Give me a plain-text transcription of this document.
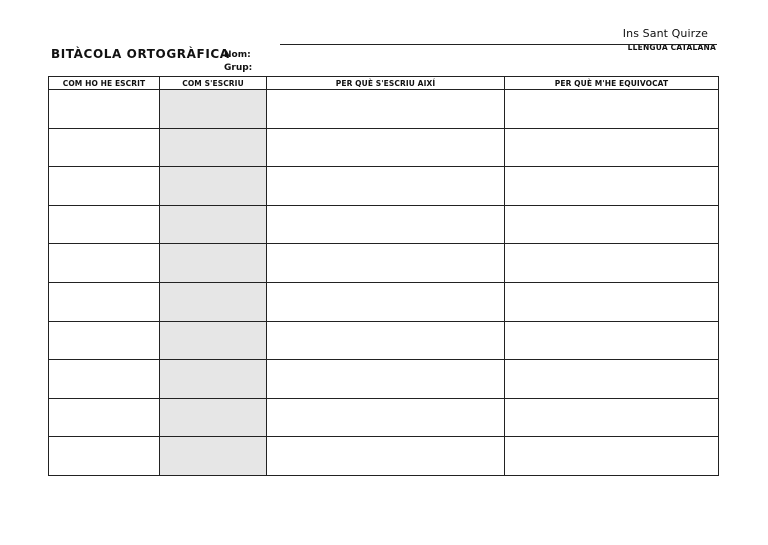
Ins Sant Quirze
LLENGUA CATALANA
BITÀCOLA ORTOGRÀFICA
Nom:
Grup:
COM HO HE ESCRIT	COM S'ESCRIU	PER QUÈ S'ESCRIU AIXÍ	PER QUÈ M'HE EQUIVOCAT
